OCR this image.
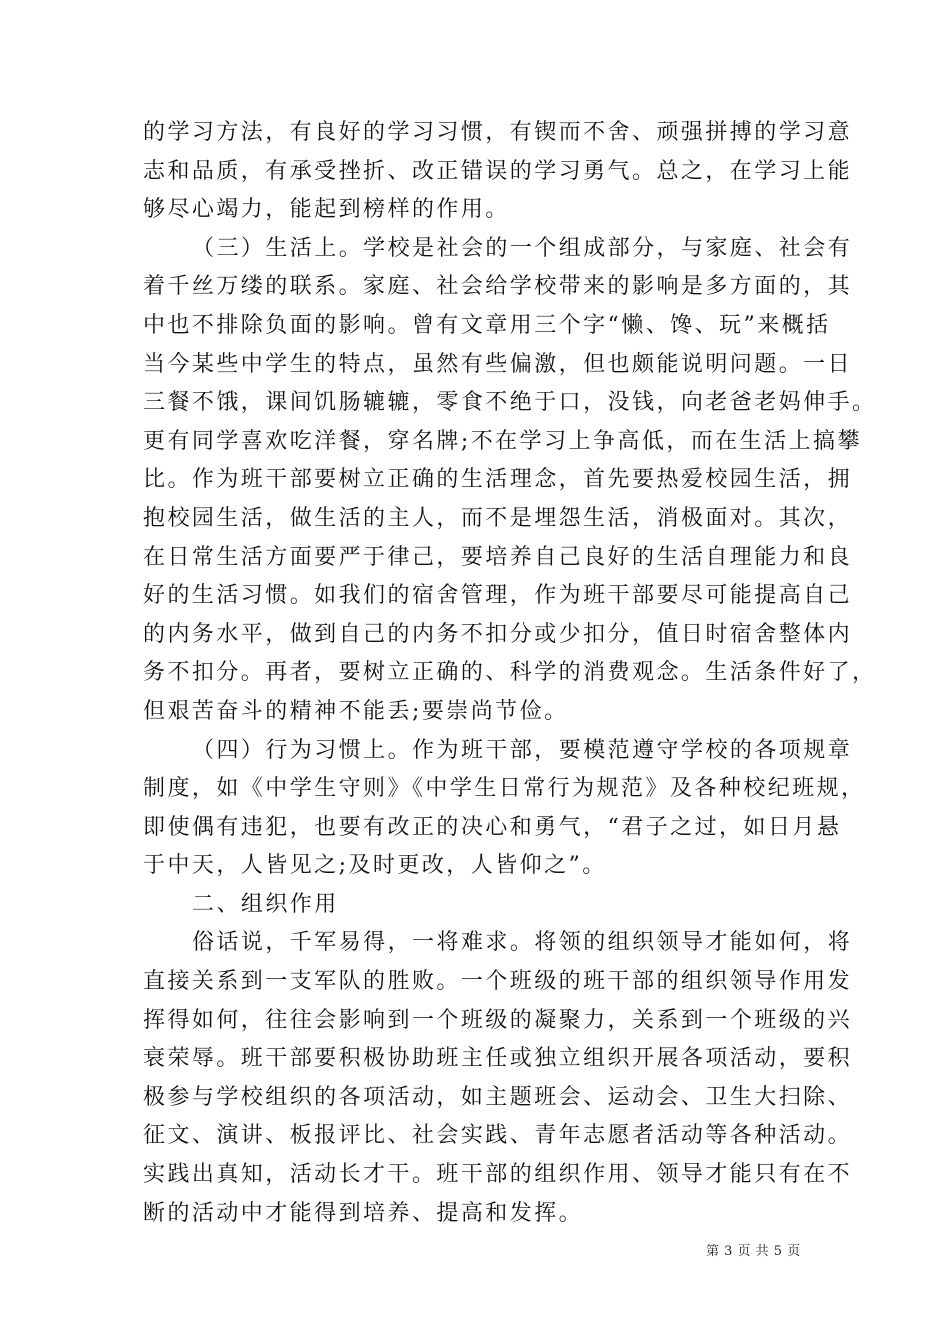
的学习方法，有良好的学习习惯，有锲而不舍、顽强拼搏的学习意
志和品质，有承受挫折、改正错误的学习勇气。总之，在学习上能
够尽心竭力，能起到榜样的作用。
（三）生活上。学校是社会的一个组成部分，与家庭、社会有
着千丝万缕的联系。家庭、社会给学校带来的影响是多方面的，其
中也不排除负面的影响。曾有文章用三个字“懒、馋、玩”来概括
当今某些中学生的特点，虽然有些偏激，但也颇能说明问题。一日
三餐不饿，课间饥肠辘辘，零食不绝于口，没钱，向老爸老妈伸手。
更有同学喜欢吃洋餐，穿名牌;不在学习上争高低，而在生活上搞攀
比。作为班干部要树立正确的生活理念，首先要热爱校园生活，拥
抱校园生活，做生活的主人，而不是埋怨生活，消极面对。其次，
在日常生活方面要严于律己，要培养自己良好的生活自理能力和良
好的生活习惯。如我们的宿舍管理，作为班干部要尽可能提高自己
的内务水平，做到自己的内务不扣分或少扣分，值日时宿舍整体内
务不扣分。再者，要树立正确的、科学的消费观念。生活条件好了，
但艰苦奋斗的精神不能丢;要崇尚节俭。
（四）行为习惯上。作为班干部，要模范遵守学校的各项规章
制度，如《中学生守则》《中学生日常行为规范》及各种校纪班规，
即使偶有违犯，也要有改正的决心和勇气，“君子之过，如日月悬
于中天，人皆见之;及时更改，人皆仰之”。
二、组织作用
俗话说，千军易得，一将难求。将领的组织领导才能如何，将
直接关系到一支军队的胜败。一个班级的班干部的组织领导作用发
挥得如何，往往会影响到一个班级的凝聚力，关系到一个班级的兴
衰荣辱。班干部要积极协助班主任或独立组织开展各项活动，要积
极参与学校组织的各项活动，如主题班会、运动会、卫生大扫除、
征文、演讲、板报评比、社会实践、青年志愿者活动等各种活动。
实践出真知，活动长才干。班干部的组织作用、领导才能只有在不
断的活动中才能得到培养、提高和发挥。
第 3 页 共 5 页
